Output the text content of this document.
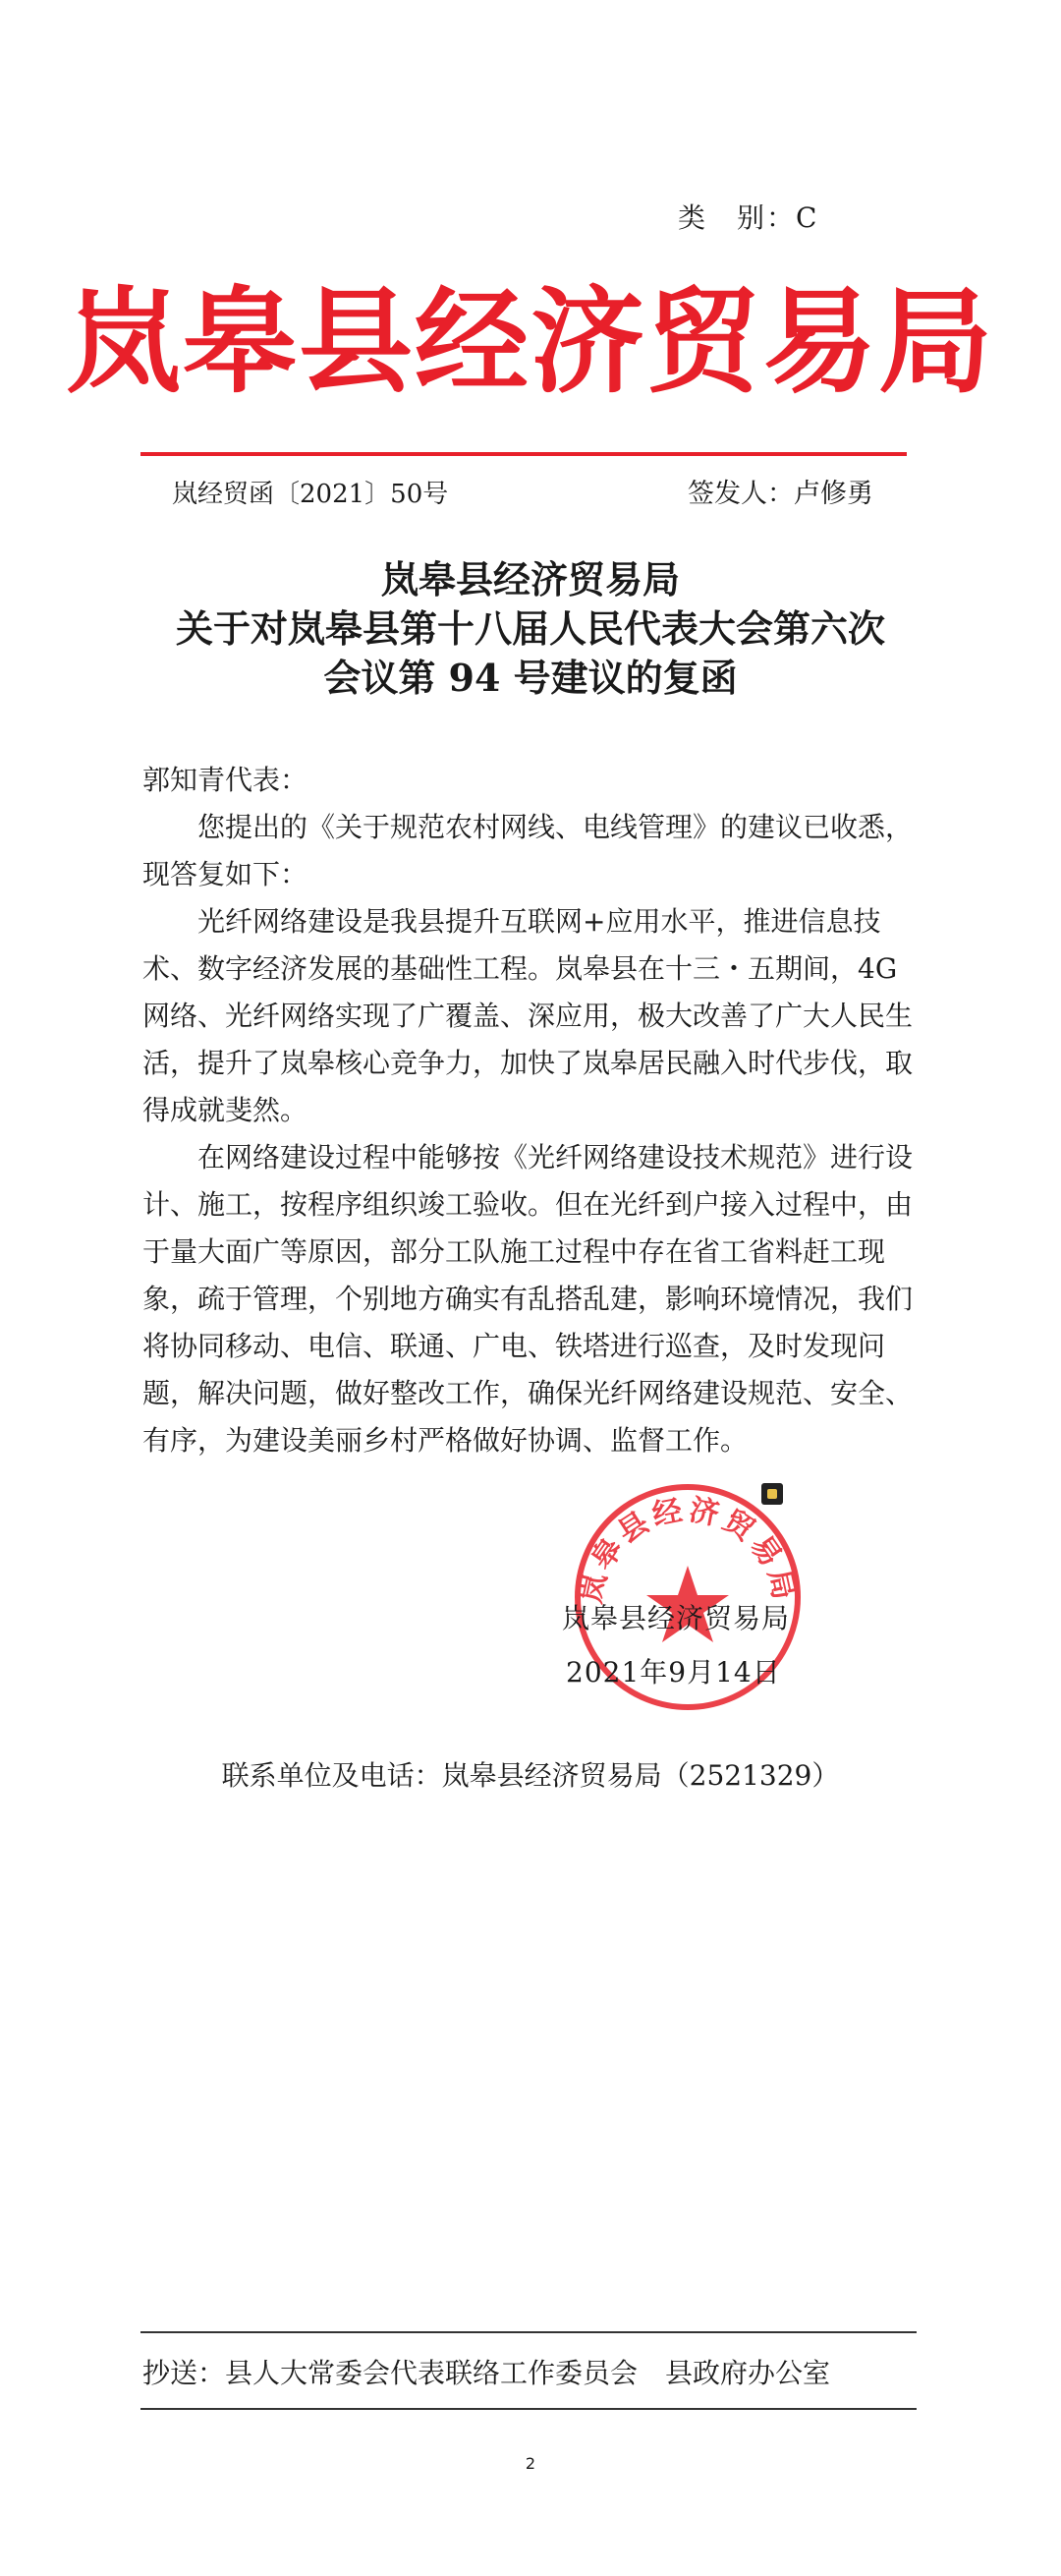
类　别：C
岚皋县经济贸易局
岚经贸函〔2021〕50号	签发人：卢修勇
岚皋县经济贸易局
关于对岚皋县第十八届人民代表大会第六次
会议第 94 号建议的复函

郭知青代表：

您提出的《关于规范农村网线、电线管理》的建议已收悉，现答复如下：

光纤网络建设是我县提升互联网+应用水平，推进信息技术、数字经济发展的基础性工程。岚皋县在十三・五期间，4G网络、光纤网络实现了广覆盖、深应用，极大改善了广大人民生活，提升了岚皋核心竞争力，加快了岚皋居民融入时代步伐，取得成就斐然。

在网络建设过程中能够按《光纤网络建设技术规范》进行设计、施工，按程序组织竣工验收。但在光纤到户接入过程中，由于量大面广等原因，部分工队施工过程中存在省工省料赶工现象，疏于管理，个别地方确实有乱搭乱建，影响环境情况，我们将协同移动、电信、联通、广电、铁塔进行巡查，及时发现问题，解决问题，做好整改工作，确保光纤网络建设规范、安全、有序，为建设美丽乡村严格做好协调、监督工作。

岚皋县经济贸易局
岚皋县经济贸易局
2021年9月14日
联系单位及电话：岚皋县经济贸易局（2521329）
抄送：县人大常委会代表联络工作委员会　县政府办公室
2
